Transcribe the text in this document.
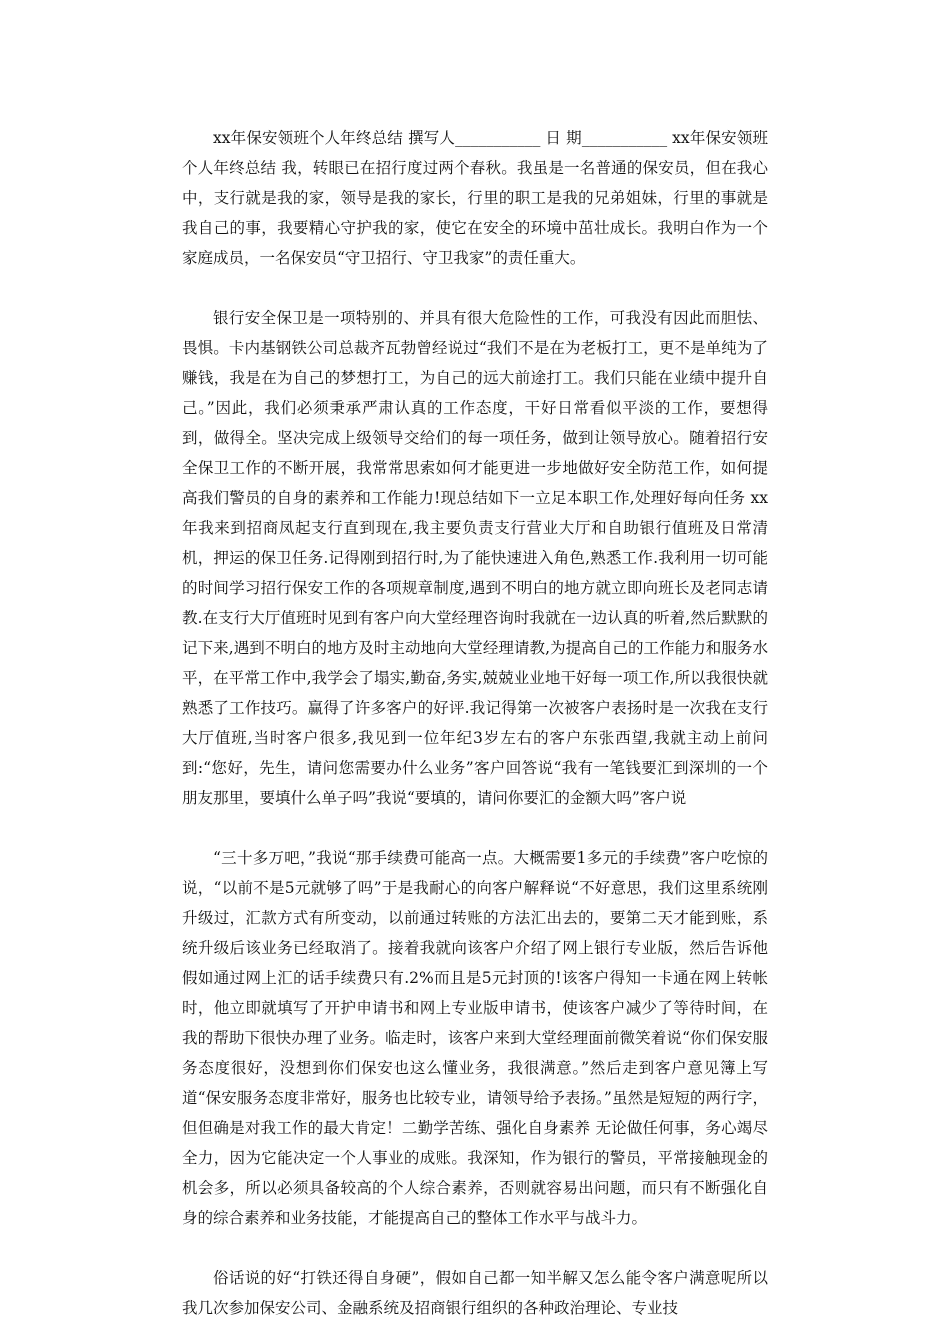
xx年保安领班个人年终总结 撰写人___________ 日 期___________ xx年保安领班个人年终总结 我，转眼已在招行度过两个春秋。我虽是一名普通的保安员，但在我心中，支行就是我的家，领导是我的家长，行里的职工是我的兄弟姐妹，行里的事就是我自己的事，我要精心守护我的家，使它在安全的环境中茁壮成长。我明白作为一个家庭成员，一名保安员“守卫招行、守卫我家”的责任重大。

银行安全保卫是一项特别的、并具有很大危险性的工作，可我没有因此而胆怯、畏惧。卡内基钢铁公司总裁齐瓦勃曾经说过“我们不是在为老板打工，更不是单纯为了赚钱，我是在为自己的梦想打工，为自己的远大前途打工。我们只能在业绩中提升自己。”因此，我们必须秉承严肃认真的工作态度，干好日常看似平淡的工作，要想得到，做得全。坚决完成上级领导交给们的每一项任务，做到让领导放心。随着招行安全保卫工作的不断开展，我常常思索如何才能更进一步地做好安全防范工作，如何提高我们警员的自身的素养和工作能力!现总结如下一立足本职工作,处理好每向任务 xx年我来到招商凤起支行直到现在,我主要负责支行营业大厅和自助银行值班及日常清机，押运的保卫任务.记得刚到招行时,为了能快速进入角色,熟悉工作.我利用一切可能的时间学习招行保安工作的各项规章制度,遇到不明白的地方就立即向班长及老同志请教.在支行大厅值班时见到有客户向大堂经理咨询时我就在一边认真的听着,然后默默的记下来,遇到不明白的地方及时主动地向大堂经理请教,为提高自己的工作能力和服务水平，在平常工作中,我学会了塌实,勤奋,务实,兢兢业业地干好每一项工作,所以我很快就熟悉了工作技巧。赢得了许多客户的好评.我记得第一次被客户表扬时是一次我在支行大厅值班,当时客户很多,我见到一位年纪3岁左右的客户东张西望,我就主动上前问到:“您好，先生，请问您需要办什么业务”客户回答说“我有一笔钱要汇到深圳的一个朋友那里，要填什么单子吗”我说“要填的，请问你要汇的金额大吗”客户说

“三十多万吧，”我说“那手续费可能高一点。大概需要1多元的手续费”客户吃惊的说，“以前不是5元就够了吗”于是我耐心的向客户解释说“不好意思，我们这里系统刚升级过，汇款方式有所变动，以前通过转账的方法汇出去的，要第二天才能到账，系统升级后该业务已经取消了。接着我就向该客户介绍了网上银行专业版，然后告诉他假如通过网上汇的话手续费只有.2%而且是5元封顶的!该客户得知一卡通在网上转帐时，他立即就填写了开护申请书和网上专业版申请书，使该客户减少了等待时间，在我的帮助下很快办理了业务。临走时，该客户来到大堂经理面前微笑着说“你们保安服务态度很好，没想到你们保安也这么懂业务，我很满意。”然后走到客户意见簿上写道“保安服务态度非常好，服务也比较专业，请领导给予表扬。”虽然是短短的两行字，但但确是对我工作的最大肯定！二勤学苦练、强化自身素养 无论做任何事，务心竭尽全力，因为它能决定一个人事业的成账。我深知，作为银行的警员，平常接触现金的机会多，所以必须具备较高的个人综合素养，否则就容易出问题，而只有不断强化自身的综合素养和业务技能，才能提高自己的整体工作水平与战斗力。

俗话说的好“打铁还得自身硬”，假如自己都一知半解又怎么能令客户满意呢所以我几次参加保安公司、金融系统及招商银行组织的各种政治理论、专业技
